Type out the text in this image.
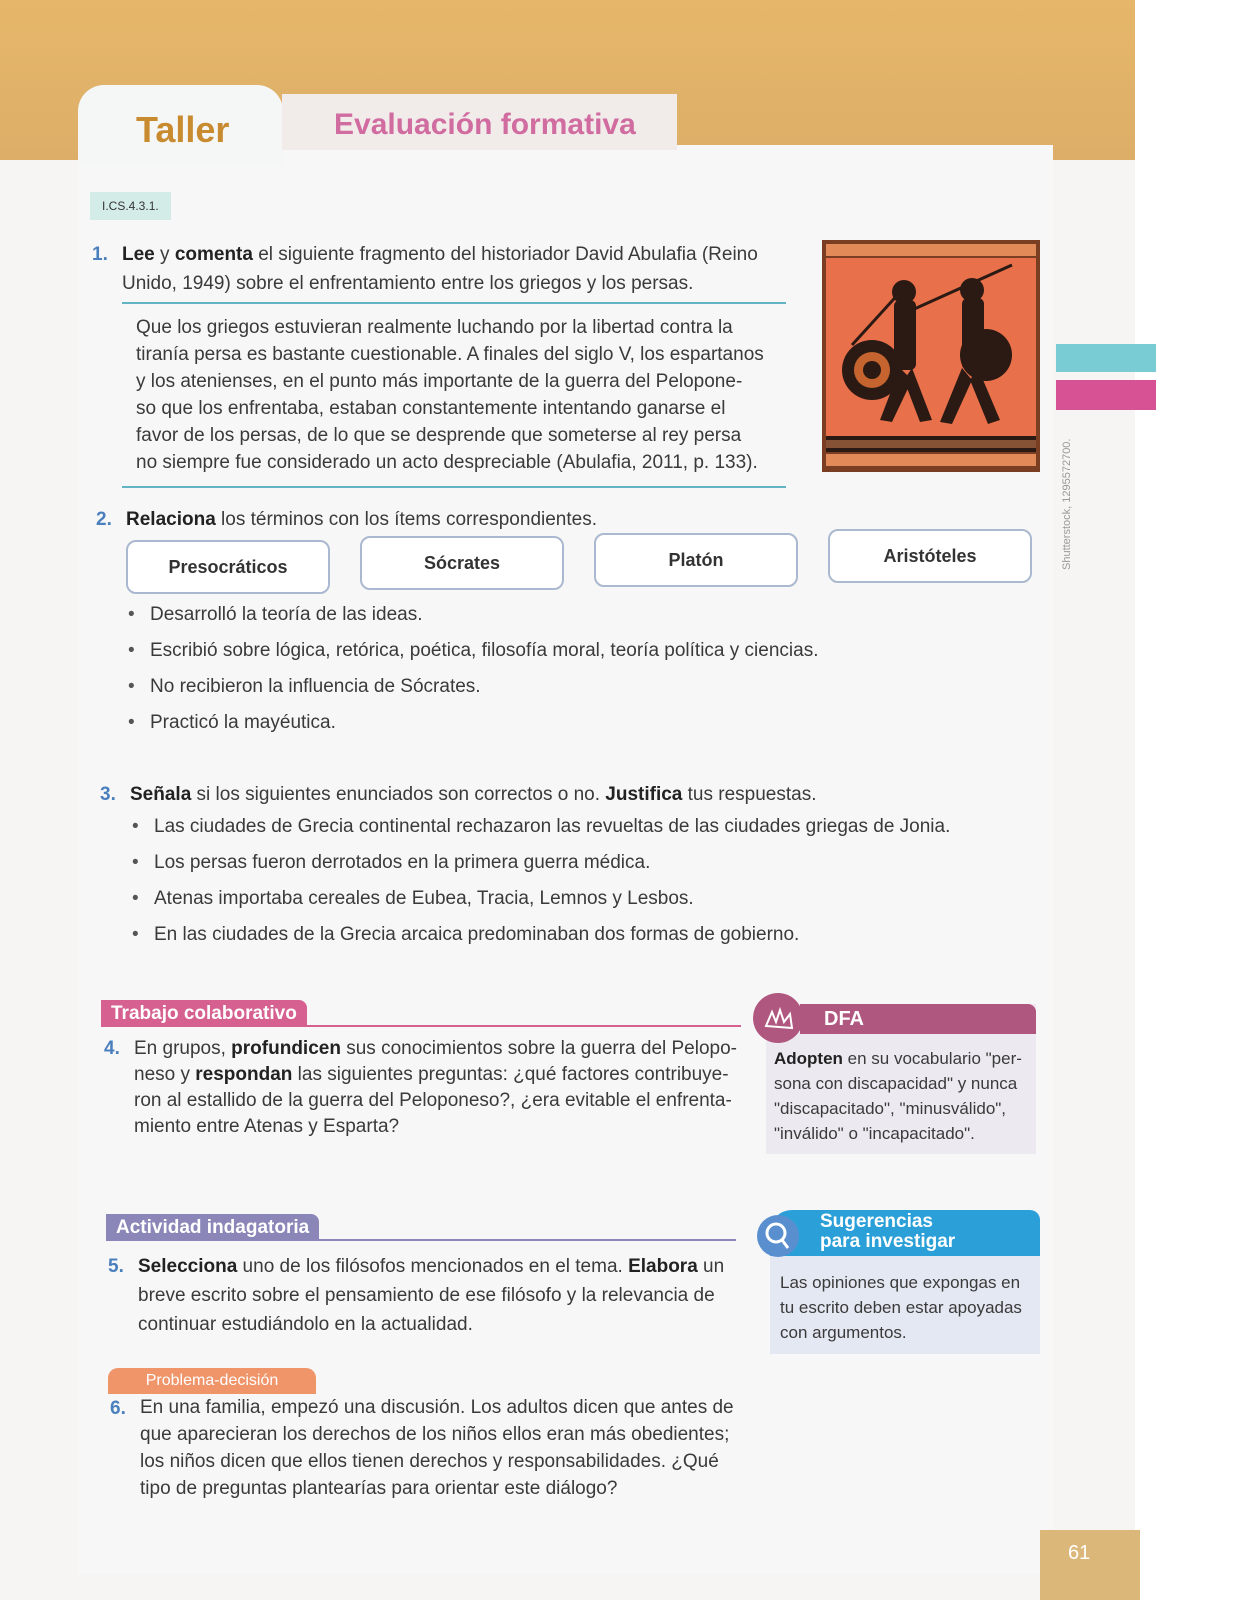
Taller	Evaluación formativa
I.CS.4.3.1.
1. Lee y comenta el siguiente fragmento del historiador David Abulafia (Reino
Unido, 1949) sobre el enfrentamiento entre los griegos y los persas.
Que los griegos estuvieran realmente luchando por la libertad contra la
tiranía persa es bastante cuestionable. A finales del siglo V, los espartanos
y los atenienses, en el punto más importante de la guerra del Pelopone-
so que los enfrentaba, estaban constantemente intentando ganarse el
favor de los persas, de lo que se desprende que someterse al rey persa
no siempre fue considerado un acto despreciable (Abulafia, 2011, p. 133).	Shutterstock, 1295572700.
2. Relaciona los términos con los ítems correspondientes.
Presocráticos	Sócrates	Platón	Aristóteles
• Desarrolló la teoría de las ideas.
• Escribió sobre lógica, retórica, poética, filosofía moral, teoría política y ciencias.
• No recibieron la influencia de Sócrates.
• Practicó la mayéutica.
3. Señala si los siguientes enunciados son correctos o no. Justifica tus respuestas.
• Las ciudades de Grecia continental rechazaron las revueltas de las ciudades griegas de Jonia.
• Los persas fueron derrotados en la primera guerra médica.
• Atenas importaba cereales de Eubea, Tracia, Lemnos y Lesbos.
• En las ciudades de la Grecia arcaica predominaban dos formas de gobierno.
Trabajo colaborativo
4. En grupos, profundicen sus conocimientos sobre la guerra del Pelopo-
neso y respondan las siguientes preguntas: ¿qué factores contribuye-
ron al estallido de la guerra del Peloponeso?, ¿era evitable el enfrenta-
miento entre Atenas y Esparta?
DFA
Adopten en su vocabulario "per-
sona con discapacidad" y nunca
"discapacitado", "minusválido",
"inválido" o "incapacitado".
Actividad indagatoria
5. Selecciona uno de los filósofos mencionados en el tema. Elabora un
breve escrito sobre el pensamiento de ese filósofo y la relevancia de
continuar estudiándolo en la actualidad.
Sugerencias
para investigar
Las opiniones que expongas en
tu escrito deben estar apoyadas
con argumentos.
Problema-decisión
6. En una familia, empezó una discusión. Los adultos dicen que antes de
que aparecieran los derechos de los niños ellos eran más obedientes;
los niños dicen que ellos tienen derechos y responsabilidades. ¿Qué
tipo de preguntas plantearías para orientar este diálogo?
61
